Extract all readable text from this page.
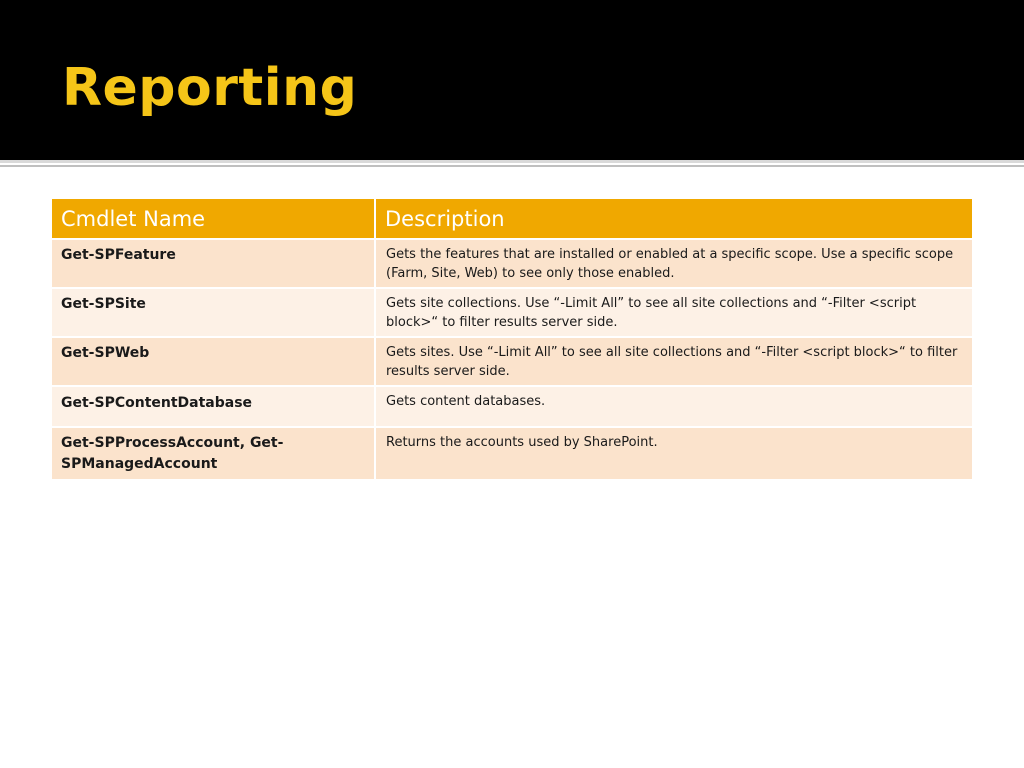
Reporting
Cmdlet Name	Description
Get-SPFeature	Gets the features that are installed or enabled at a specific scope. Use a specific scope (Farm, Site, Web) to see only those enabled.
Get-SPSite	Gets site collections. Use “-Limit All” to see all site collections and “-Filter <script block>“ to filter results server side.
Get-SPWeb	Gets sites. Use “-Limit All” to see all site collections and “-Filter <script block>“ to filter results server side.
Get-SPContentDatabase	Gets content databases.
Get-SPProcessAccount, Get-SPManagedAccount	Returns the accounts used by SharePoint.
